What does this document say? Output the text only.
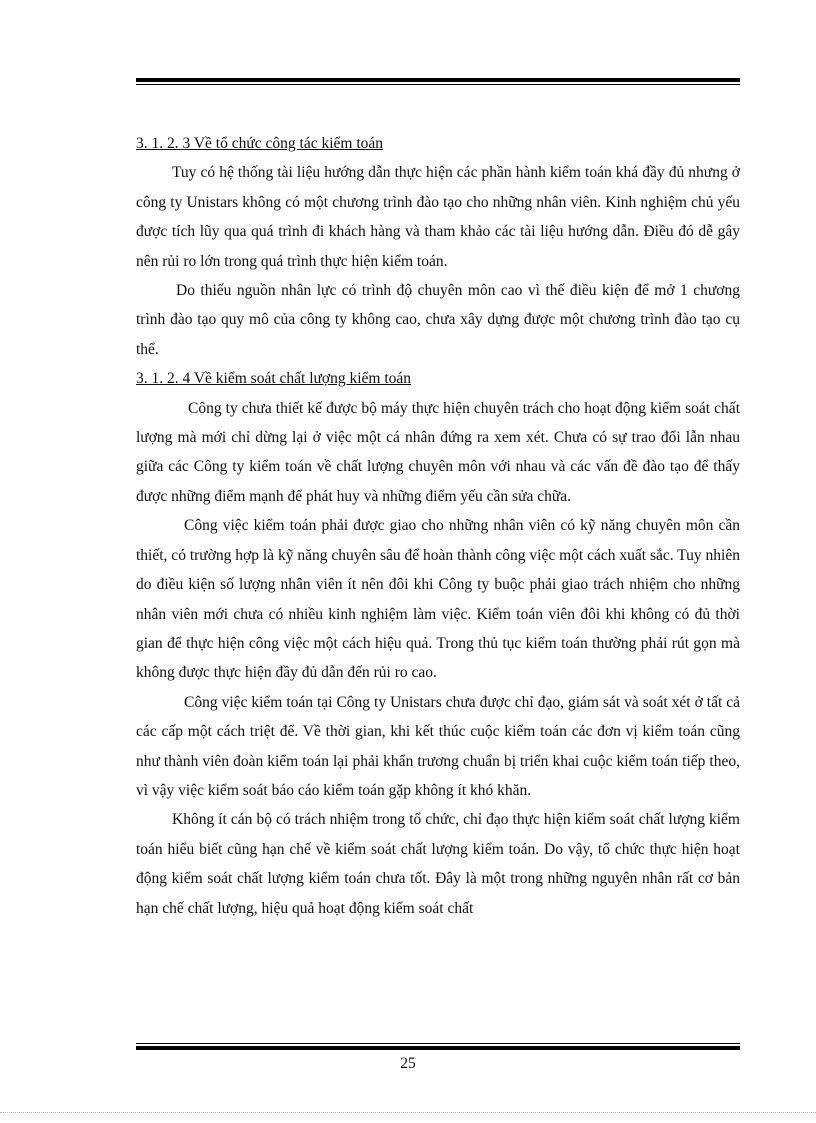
3. 1. 2. 3 Về tổ chức công tác kiểm toán

Tuy có hệ thống tài liệu hướng dẫn thực hiện các phần hành kiểm toán khá đầy đủ nhưng ở công ty Unistars không có một chương trình đào tạo cho những nhân viên. Kinh nghiệm chủ yếu được tích lũy qua quá trình đi khách hàng và tham khảo các tài liệu hướng dẫn. Điều đó dễ gây nên rủi ro lớn trong quá trình thực hiện kiểm toán.

Do thiếu nguồn nhân lực có trình độ chuyên môn cao vì thế điều kiện để mở 1 chương trình đào tạo quy mô của công ty không cao, chưa xây dựng được một chương trình đào tạo cụ thể.

3. 1. 2. 4 Về kiểm soát chất lượng kiểm toán

Công ty chưa thiết kế được bộ máy thực hiện chuyên trách cho hoạt động kiểm soát chất lượng mà mới chỉ dừng lại ở việc một cá nhân đứng ra xem xét. Chưa có sự trao đổi lẫn nhau giữa các Công ty kiểm toán về chất lượng chuyên môn với nhau và các vấn đề đào tạo để thấy được những điểm mạnh để phát huy và những điểm yếu cần sửa chữa.

Công việc kiểm toán phải được giao cho những nhân viên có kỹ năng chuyên môn cần thiết, có trường hợp là kỹ năng chuyên sâu để hoàn thành công việc một cách xuất sắc. Tuy nhiên do điều kiện số lượng nhân viên ít nên đôi khi Công ty buộc phải giao trách nhiệm cho những nhân viên mới chưa có nhiều kinh nghiệm làm việc. Kiểm toán viên đôi khi không có đủ thời gian để thực hiện công việc một cách hiệu quả. Trong thủ tục kiểm toán thường phải rút gọn mà không được thực hiện đầy đủ dẫn đến rủi ro cao.

Công việc kiểm toán tại Công ty Unistars chưa được chỉ đạo, giám sát và soát xét ở tất cả các cấp một cách triệt để. Về thời gian, khi kết thúc cuộc kiểm toán các đơn vị kiểm toán cũng như thành viên đoàn kiểm toán lại phải khẩn trương chuẩn bị triển khai cuộc kiểm toán tiếp theo, vì vậy việc kiểm soát báo cáo kiểm toán gặp không ít khó khăn.

Không ít cán bộ có trách nhiệm trong tổ chức, chỉ đạo thực hiện kiểm soát chất lượng kiểm toán hiểu biết cũng hạn chế về kiểm soát chất lượng kiểm toán. Do vậy, tổ chức thực hiện hoạt động kiểm soát chất lượng kiểm toán chưa tốt. Đây là một trong những nguyên nhân rất cơ bản hạn chế chất lượng, hiệu quả hoạt động kiểm soát chất

25
